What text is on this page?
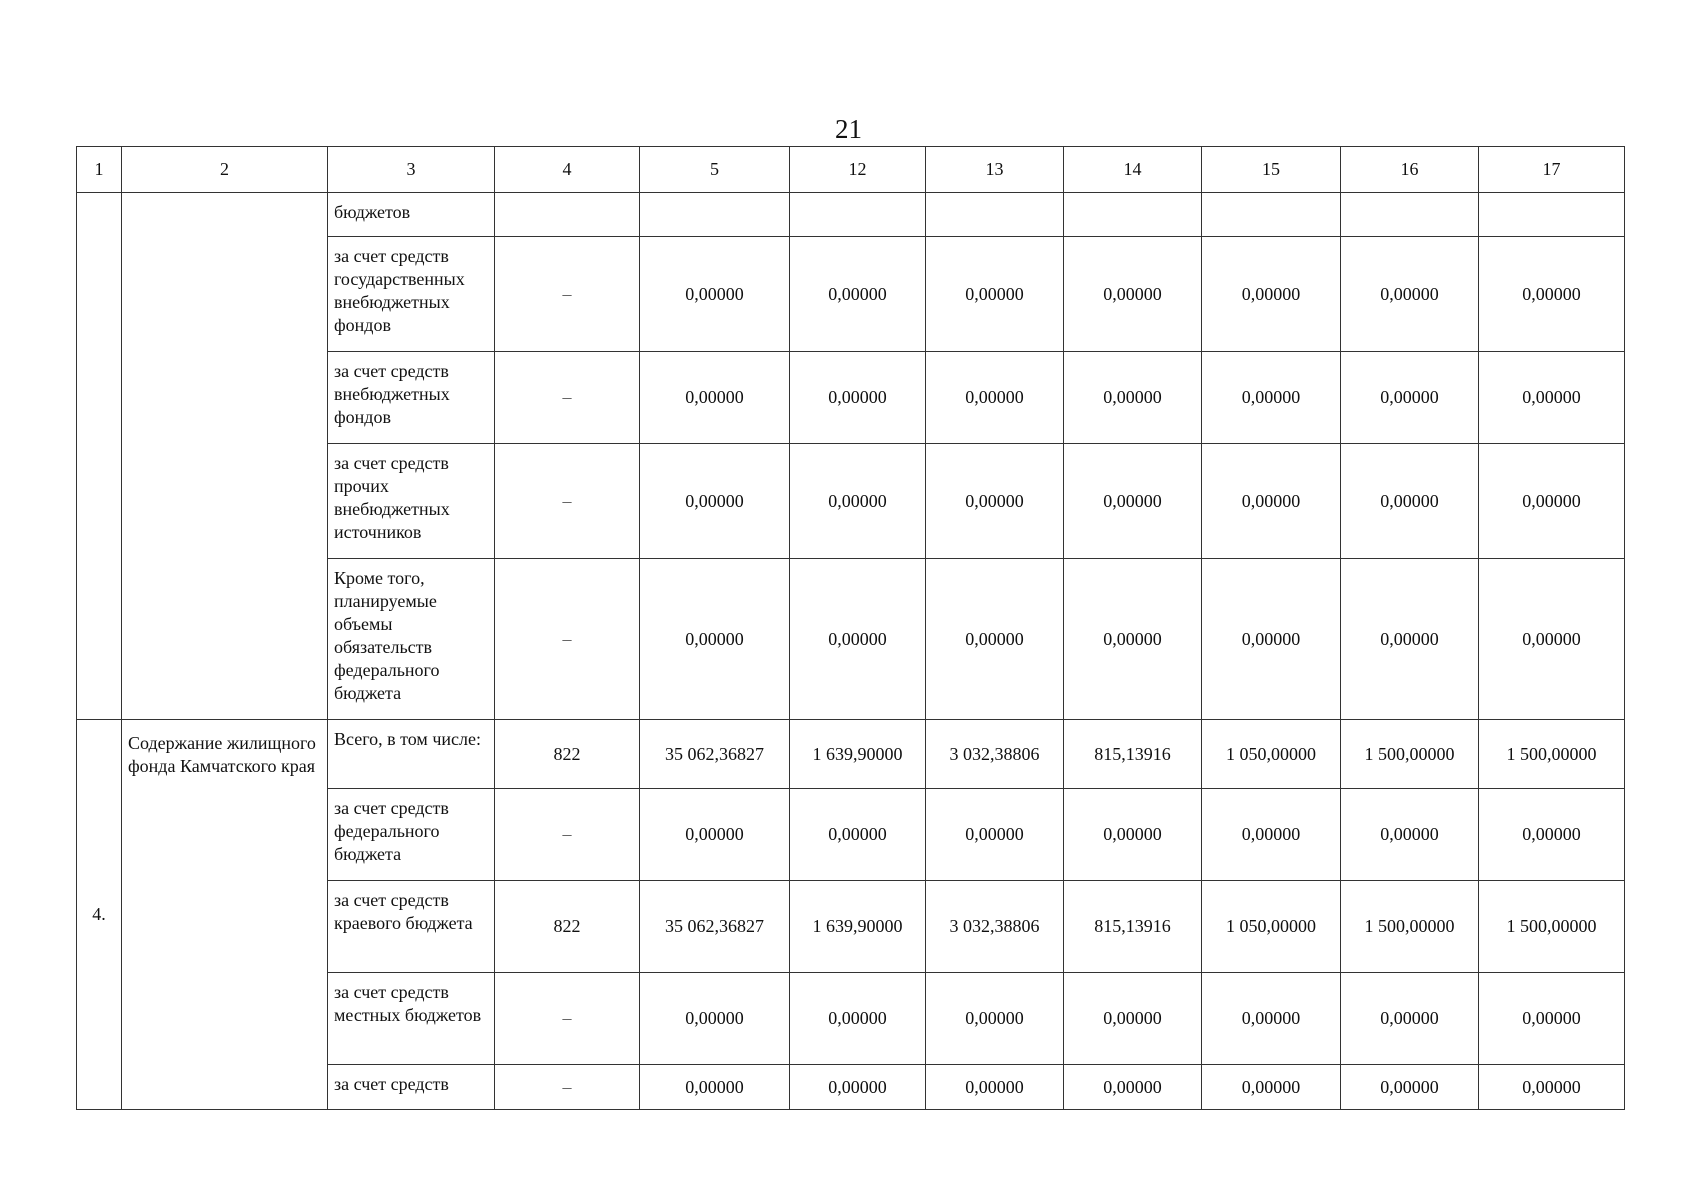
21
1	2	3	4	5	12	13	14	15	16	17
		бюджетов								
		за счет средств государственных внебюджетных фондов	–	0,00000	0,00000	0,00000	0,00000	0,00000	0,00000	0,00000
		за счет средств внебюджетных фондов	–	0,00000	0,00000	0,00000	0,00000	0,00000	0,00000	0,00000
		за счет средств прочих внебюджетных источников	–	0,00000	0,00000	0,00000	0,00000	0,00000	0,00000	0,00000
		Кроме того, планируемые объемы обязательств федерального бюджета	–	0,00000	0,00000	0,00000	0,00000	0,00000	0,00000	0,00000
4.	Содержание жилищного фонда Камчатского края	Всего, в том числе:	822	35 062,36827	1 639,90000	3 032,38806	815,13916	1 050,00000	1 500,00000	1 500,00000
		за счет средств федерального бюджета	–	0,00000	0,00000	0,00000	0,00000	0,00000	0,00000	0,00000
		за счет средств краевого бюджета	822	35 062,36827	1 639,90000	3 032,38806	815,13916	1 050,00000	1 500,00000	1 500,00000
		за счет средств местных бюджетов	–	0,00000	0,00000	0,00000	0,00000	0,00000	0,00000	0,00000
		за счет средств	–	0,00000	0,00000	0,00000	0,00000	0,00000	0,00000	0,00000
